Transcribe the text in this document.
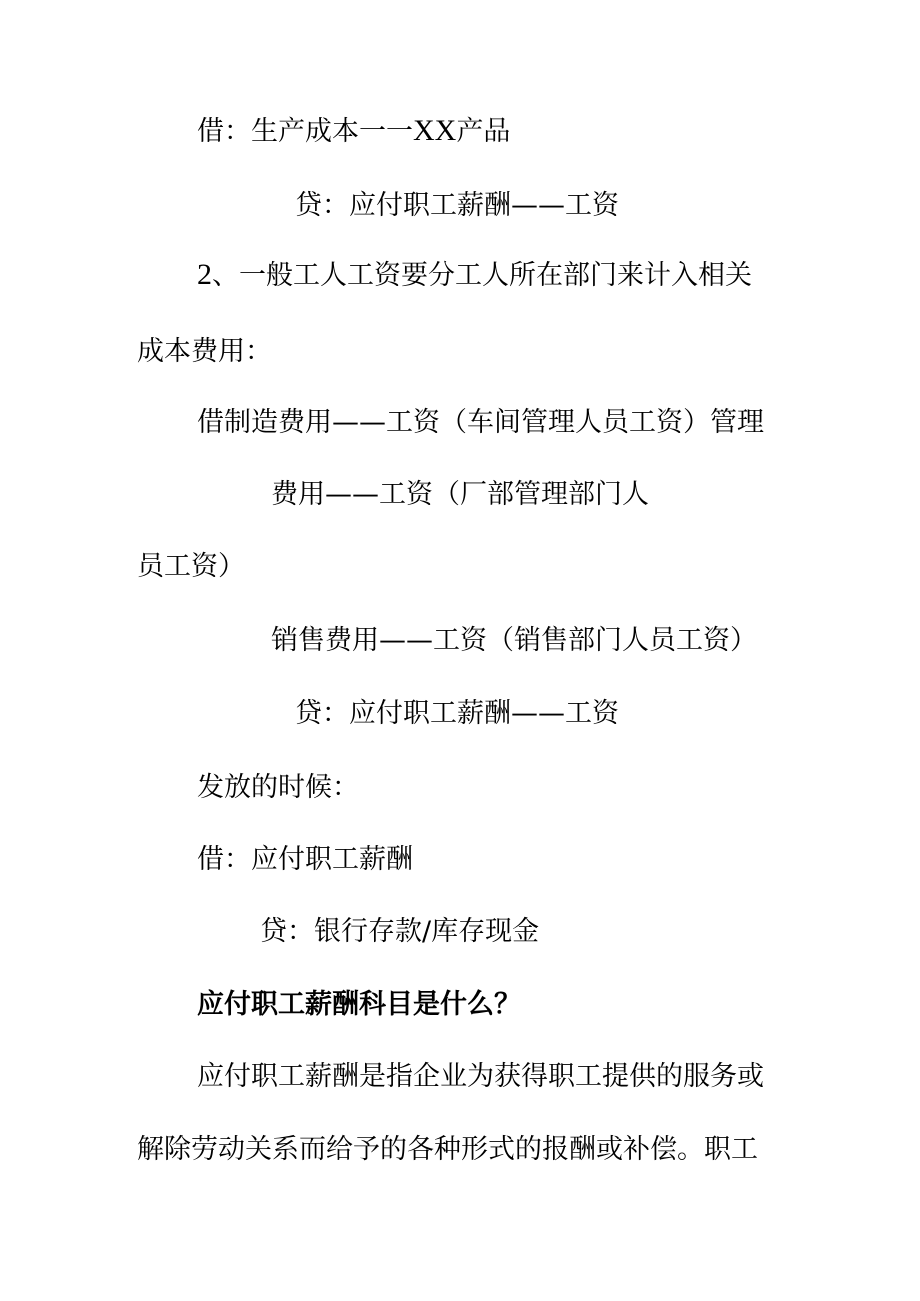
借：生产成本一一XX产品

贷：应付职工薪酬——工资

2、一般工人工资要分工人所在部门来计入相关

成本费用：

借制造费用——工资（车间管理人员工资）管理

费用——工资（厂部管理部门人

员工资）

销售费用——工资（销售部门人员工资）

贷：应付职工薪酬——工资

发放的时候：

借：应付职工薪酬

贷：银行存款/库存现金

应付职工薪酬科目是什么？

应付职工薪酬是指企业为获得职工提供的服务或

解除劳动关系而给予的各种形式的报酬或补偿。职工
